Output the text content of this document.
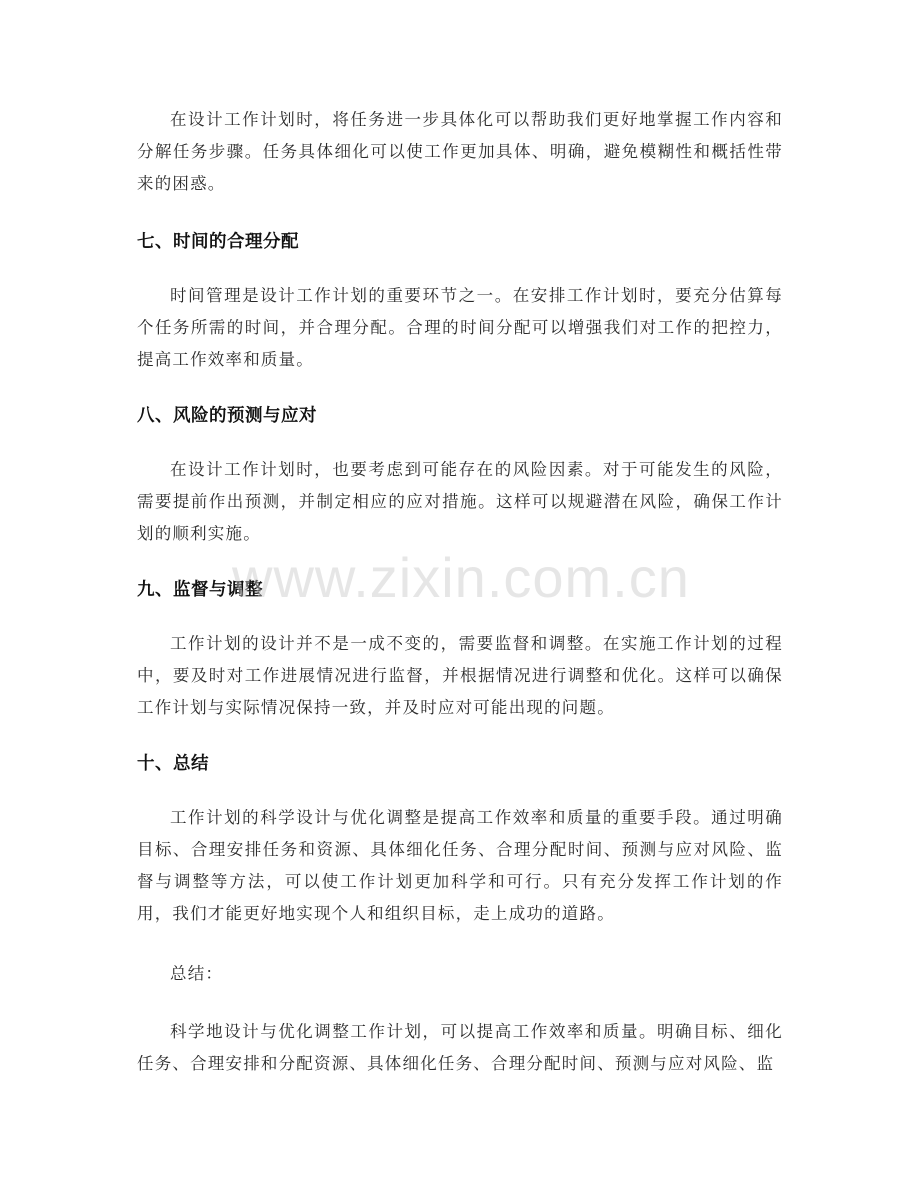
在设计工作计划时，将任务进一步具体化可以帮助我们更好地掌握工作内容和分解任务步骤。任务具体细化可以使工作更加具体、明确，避免模糊性和概括性带来的困惑。

七、时间的合理分配

时间管理是设计工作计划的重要环节之一。在安排工作计划时，要充分估算每个任务所需的时间，并合理分配。合理的时间分配可以增强我们对工作的把控力，提高工作效率和质量。

八、风险的预测与应对

在设计工作计划时，也要考虑到可能存在的风险因素。对于可能发生的风险，需要提前作出预测，并制定相应的应对措施。这样可以规避潜在风险，确保工作计划的顺利实施。

九、监督与调整

工作计划的设计并不是一成不变的，需要监督和调整。在实施工作计划的过程中，要及时对工作进展情况进行监督，并根据情况进行调整和优化。这样可以确保工作计划与实际情况保持一致，并及时应对可能出现的问题。

十、总结

工作计划的科学设计与优化调整是提高工作效率和质量的重要手段。通过明确目标、合理安排任务和资源、具体细化任务、合理分配时间、预测与应对风险、监督与调整等方法，可以使工作计划更加科学和可行。只有充分发挥工作计划的作用，我们才能更好地实现个人和组织目标，走上成功的道路。

总结：

科学地设计与优化调整工作计划，可以提高工作效率和质量。明确目标、细化任务、合理安排和分配资源、具体细化任务、合理分配时间、预测与应对风险、监

www.zixin.com.cn
